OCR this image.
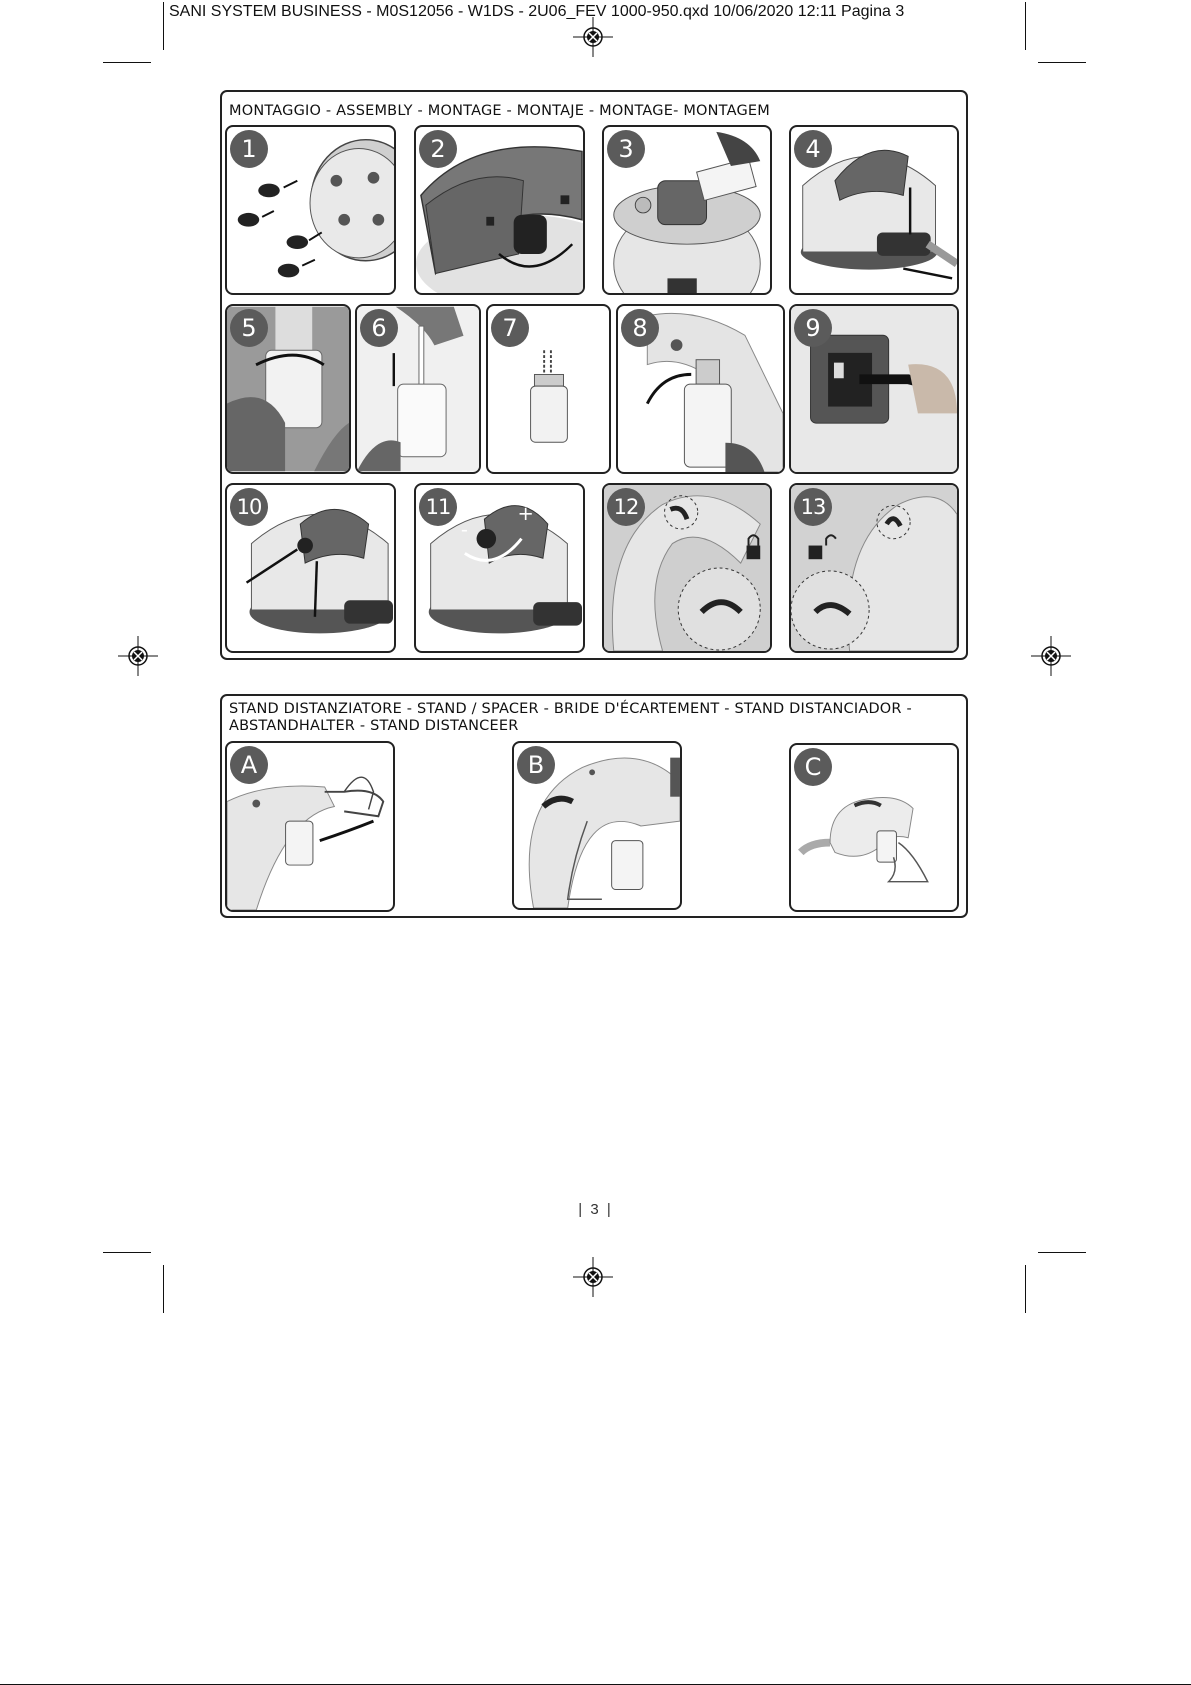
SANI SYSTEM BUSINESS - M0S12056 - W1DS - 2U06_FEV 1000-950.qxd 10/06/2020 12:11 Pagina 3
MONTAGGIO - ASSEMBLY - MONTAGE - MONTAJE - MONTAGE- MONTAGEM
1	2	3	4
5	6	7	8	9
10	11	+
-
12	13
STAND DISTANZIATORE - STAND / SPACER - BRIDE D'ÉCARTEMENT - STAND DISTANCIADOR -
ABSTANDHALTER - STAND DISTANCEER
A	B	C
| 3 |
